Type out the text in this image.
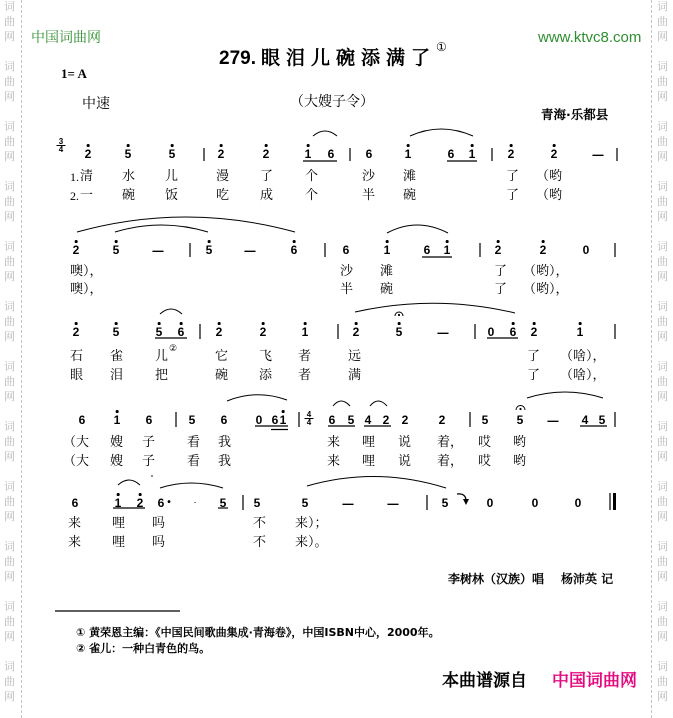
词曲网
词曲网
词曲网
词曲网
词曲网
词曲网
词曲网
词曲网
词曲网
词曲网
词曲网
词曲网
词曲网
词曲网
词曲网
词曲网
词曲网
词曲网
词曲网
词曲网
词曲网
词曲网
词曲网
词曲网
中国词曲网	www.ktvc8.com
279. 眼泪儿碗添满了
①
1= A
中速	（大嫂子令）
青海·乐都县
3
4 2	5	5	2	2	1 6	6	1	6 1	2	2 –
1. 清 水 儿	漫 了 个	沙 滩	了 （哟
2. 一 碗 饭	吃 成 个	半 碗	了 （哟
2	5 –	5 –	6	6	1	6 1	2	2	0
噢），	沙 滩	了 （哟），
噢），	半 碗	了 （哟），
2	5	5 6	2	2	1	2	5 –	0 6 2	1
石 雀 儿 ②	它 飞 者	远	了 （啥），
眼 泪 把	碗 添 者	满	了 （啥），
6 1 6	5 6 0 6 1	4
4 6 5 4 2 2	2	5 5 – 4 5
（大 嫂 子 看 我	来 哩 说 着， 哎 哟
（大 嫂 子 看 我	来 哩 说 着， 哎 哟
6	1 2 6 • · 5 5	5 – –	5	0	0	0
来 哩 吗	不 来）；
来 哩 吗	不 来）。
李树林（汉族）唱 杨沛英 记
① 黄荣恩主编：《中国民间歌曲集成·青海卷》，中国ISBN中心，2000年。
② 雀儿：一种白青色的鸟。
本曲谱源自 中国词曲网
